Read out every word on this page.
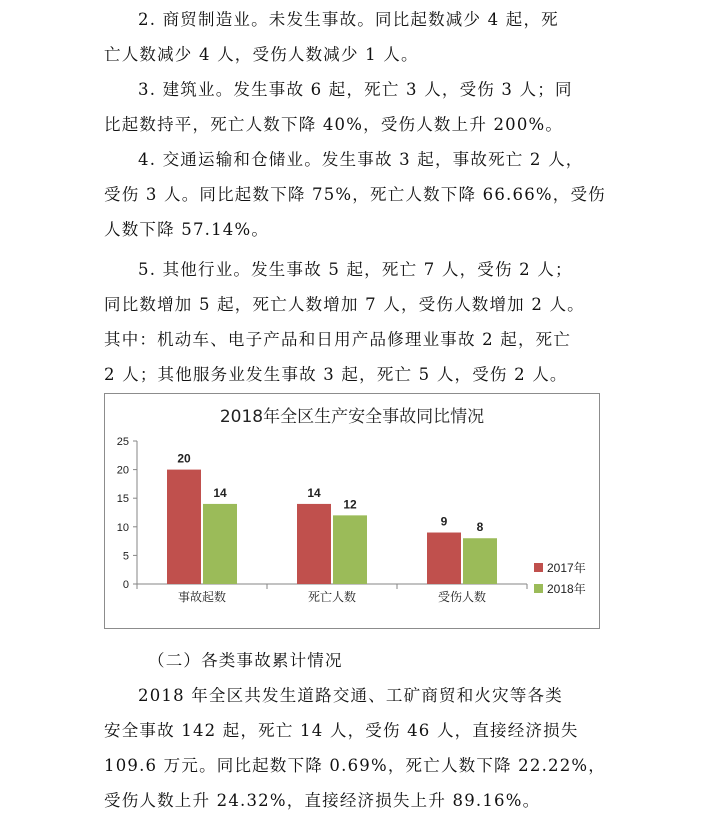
2. 商贸制造业。未发生事故。同比起数减少 4 起，死
亡人数减少 4 人，受伤人数减少 1 人。
3. 建筑业。发生事故 6 起，死亡 3 人，受伤 3 人；同
比起数持平，死亡人数下降 40%，受伤人数上升 200%。
4. 交通运输和仓储业。发生事故 3 起，事故死亡 2 人，
受伤 3 人。同比起数下降 75%，死亡人数下降 66.66%，受伤
人数下降 57.14%。
5. 其他行业。发生事故 5 起，死亡 7 人，受伤 2 人；
同比数增加 5 起，死亡人数增加 7 人，受伤人数增加 2 人。
其中：机动车、电子产品和日用产品修理业事故 2 起，死亡
2 人；其他服务业发生事故 3 起，死亡 5 人，受伤 2 人。
2018年全区生产安全事故同比情况
0
5
10
15
20
25
20
14
事故起数
14
12
死亡人数
9 8
受伤人数
2017年
2018年
（二）各类事故累计情况
2018 年全区共发生道路交通、工矿商贸和火灾等各类
安全事故 142 起，死亡 14 人，受伤 46 人，直接经济损失
109.6 万元。同比起数下降 0.69%，死亡人数下降 22.22%，
受伤人数上升 24.32%，直接经济损失上升 89.16%。
